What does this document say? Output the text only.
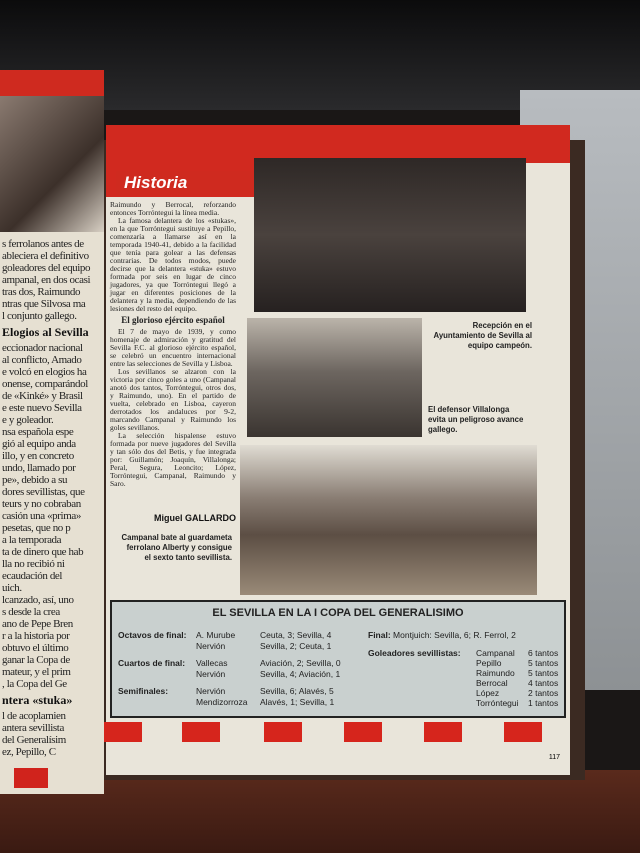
s ferrolanos antes de

ableciera el definitivo

goleadores del equipo

ampanal, en dos ocasi

tras dos, Raimundo

ntras que Silvosa ma

l conjunto gallego.

Elogios al Sevilla

eccionador nacional

al conflicto, Amado

e volcó en elogios ha

onense, comparándol

de «Kinké» y Brasil

e este nuevo Sevilla

e y goleador.

nsa española espe

gió al equipo anda

illo, y en concreto

undo, llamado por

pe», debido a su

dores sevillistas, que

teurs y no cobraban

casión una «prima»

pesetas, que no p

a la temporada

ta de dinero que hab

lla no recibió ni

ecaudación del

uich.

lcanzado, así, uno

s desde la crea

ano de Pepe Bren

r a la historia por

obtuvo el último

ganar la Copa de

mateur, y el prim

, la Copa del Ge

ntera «stuka»

l de acoplamien

antera sevillista

del Generalísim

ez, Pepillo, C

Historia

Raimundo y Berrocal, reforzando entonces Torróntegui la línea media.

La famosa delantera de los «stukas», en la que Torróntegui sustituye a Pepillo, comenzaría a llamarse así en la temporada 1940-41, debido a la facilidad que tenía para golear a las defensas contrarias. De todos modos, puede decirse que la delantera «stuka» estuvo formada por seis en lugar de cinco jugadores, ya que Torróntegui llegó a jugar en diferentes posiciones de la delantera y la media, dependiendo de las lesiones del resto del equipo.

El glorioso ejército español

El 7 de mayo de 1939, y como homenaje de admiración y gratitud del Sevilla F.C. al glorioso ejército español, se celebró un encuentro internacional entre las selecciones de Sevilla y Lisboa.

Los sevillanos se alzaron con la victoria por cinco goles a uno (Campanal anotó dos tantos, Torróntegui, otros dos, y Raimundo, uno). En el partido de vuelta, celebrado en Lisboa, cayeron derrotados los andaluces por 9-2, marcando Campanal y Raimundo los goles sevillanos.

La selección hispalense estuvo formada por nueve jugadores del Sevilla y tan sólo dos del Betis, y fue integrada por: Guillamón; Joaquín, Villalonga; Peral, Segura, Leoncito; López, Torróntegui, Campanal, Raimundo y Saro.

Miguel GALLARDO
Recepción en el Ayuntamiento de Sevilla al equipo campeón.
El defensor Villalonga evita un peligroso avance gallego.
Campanal bate al guardameta ferrolano Alberty y consigue el sexto tanto sevillista.
EL SEVILLA EN LA I COPA DEL GENERALISIMO
Octavos de final: A. Murube	Ceuta, 3; Sevilla, 4
Nervión	Sevilla, 2; Ceuta, 1
Cuartos de final: Vallecas	Aviación, 2; Sevilla, 0
Nervión	Sevilla, 4; Aviación, 1
Semifinales:	Nervión	Sevilla, 6; Alavés, 5
Mendizorroza Alavés, 1; Sevilla, 1
Final: Montjuich: Sevilla, 6; R. Ferrol, 2
Goleadores sevillistas: Campanal 6 tantos
Pepillo	5 tantos
Raimundo 5 tantos
Berrocal 4 tantos
López	2 tantos
Torróntegui 1 tantos
117
